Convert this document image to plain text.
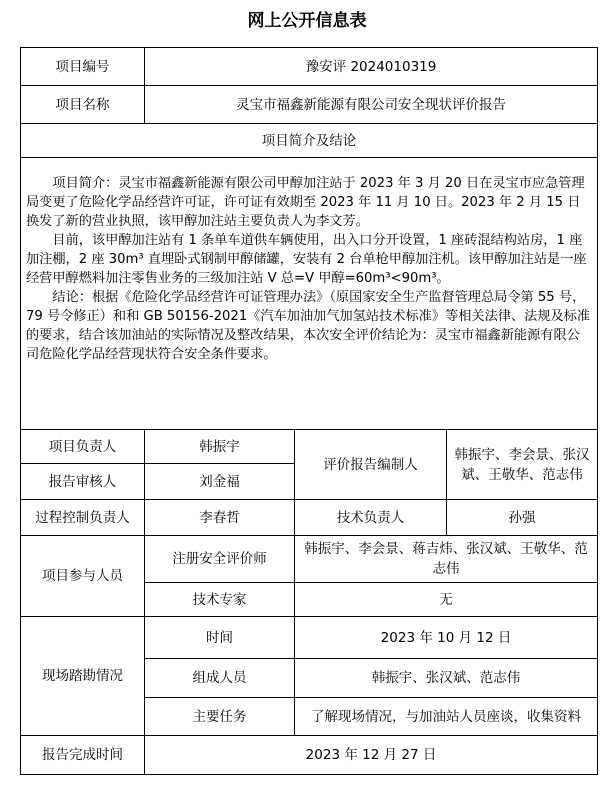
网上公开信息表
项目编号	豫安评 2024010319		
项目名称	灵宝市福鑫新能源有限公司安全现状评价报告		
项目简介及结论			

项目简介：灵宝市福鑫新能源有限公司甲醇加注站于 2023 年 3 月 20 日在灵宝市应急管理局变更了危险化学品经营许可证，许可证有效期至 2023 年 11 月 10 日。2023 年 2 月 15 日换发了新的营业执照，该甲醇加注站主要负责人为李文芳。

目前，该甲醇加注站有 1 条单车道供车辆使用，出入口分开设置，1 座砖混结构站房，1 座加注棚，2 座 30m³ 直埋卧式钢制甲醇储罐，安装有 2 台单枪甲醇加注机。该甲醇加注站是一座经营甲醇燃料加注零售业务的三级加注站 V 总=V 甲醇=60m³<90m³。

结论：根据《危险化学品经营许可证管理办法》（原国家安全生产监督管理总局令第 55 号，79 号令修正）和和 GB 50156-2021《汽车加油加气加氢站技术标准》等相关法律、法规及标准的要求，结合该加油站的实际情况及整改结果，本次安全评价结论为：灵宝市福鑫新能源有限公司危险化学品经营现状符合安全条件要求。			

项目负责人	韩振宇	评价报告编制人	韩振宇、李会景、张汉斌、王敬华、范志伟
报告审核人	刘金福		
过程控制负责人	李春哲	技术负责人	孙强
项目参与人员	注册安全评价师	韩振宇、李会景、蒋吉炜、张汉斌、王敬华、范志伟	
	技术专家	无	
现场踏勘情况	时间	2023 年 10 月 12 日	
	组成人员	韩振宇、张汉斌、范志伟	
	主要任务	了解现场情况，与加油站人员座谈，收集资料	
报告完成时间	2023 年 12 月 27 日		
